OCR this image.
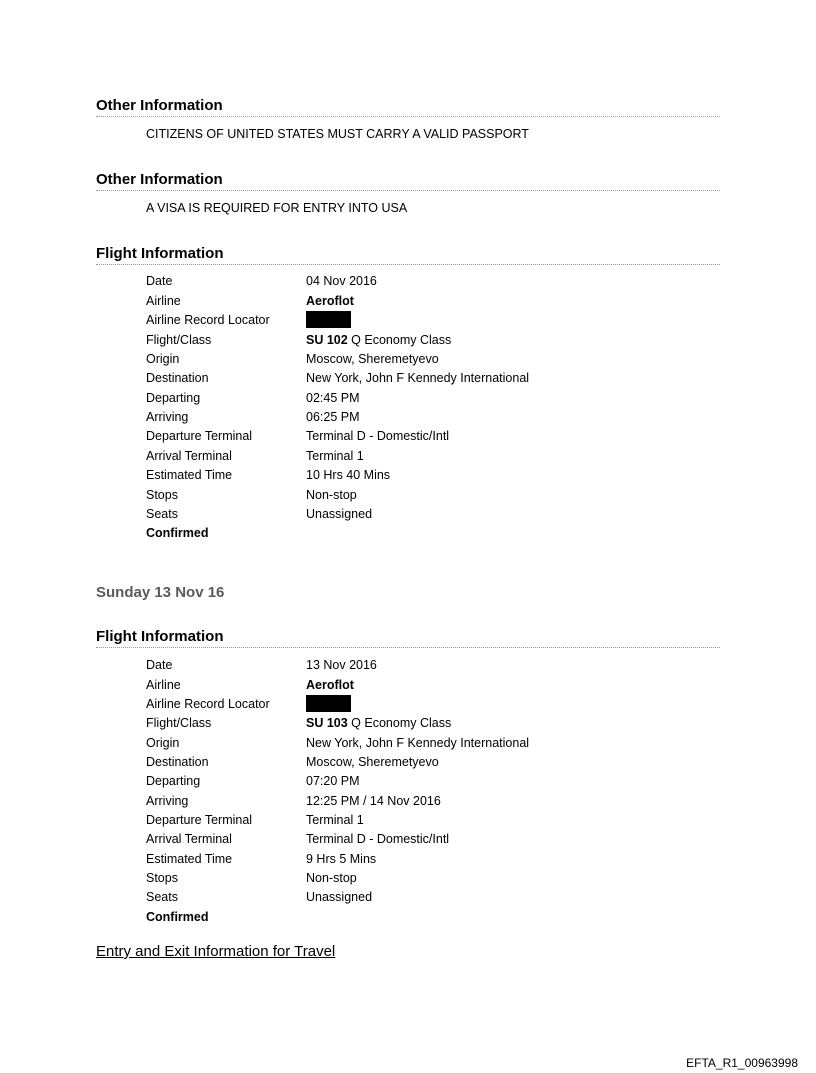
Other Information
CITIZENS OF UNITED STATES MUST CARRY A VALID PASSPORT
Other Information
A VISA IS REQUIRED FOR ENTRY INTO USA
Flight Information
Date	04 Nov 2016
Airline	Aeroflot
Airline Record Locator
Flight/Class	SU 102 Q Economy Class
Origin	Moscow, Sheremetyevo
Destination	New York, John F Kennedy International
Departing	02:45 PM
Arriving	06:25 PM
Departure Terminal	Terminal D - Domestic/Intl
Arrival Terminal	Terminal 1
Estimated Time	10 Hrs 40 Mins
Stops	Non-stop
Seats	Unassigned
Confirmed
Sunday 13 Nov 16
Flight Information
Date	13 Nov 2016
Airline	Aeroflot
Airline Record Locator
Flight/Class	SU 103 Q Economy Class
Origin	New York, John F Kennedy International
Destination	Moscow, Sheremetyevo
Departing	07:20 PM
Arriving	12:25 PM / 14 Nov 2016
Departure Terminal	Terminal 1
Arrival Terminal	Terminal D - Domestic/Intl
Estimated Time	9 Hrs 5 Mins
Stops	Non-stop
Seats	Unassigned
Confirmed
Entry and Exit Information for Travel
EFTA_R1_00963998
